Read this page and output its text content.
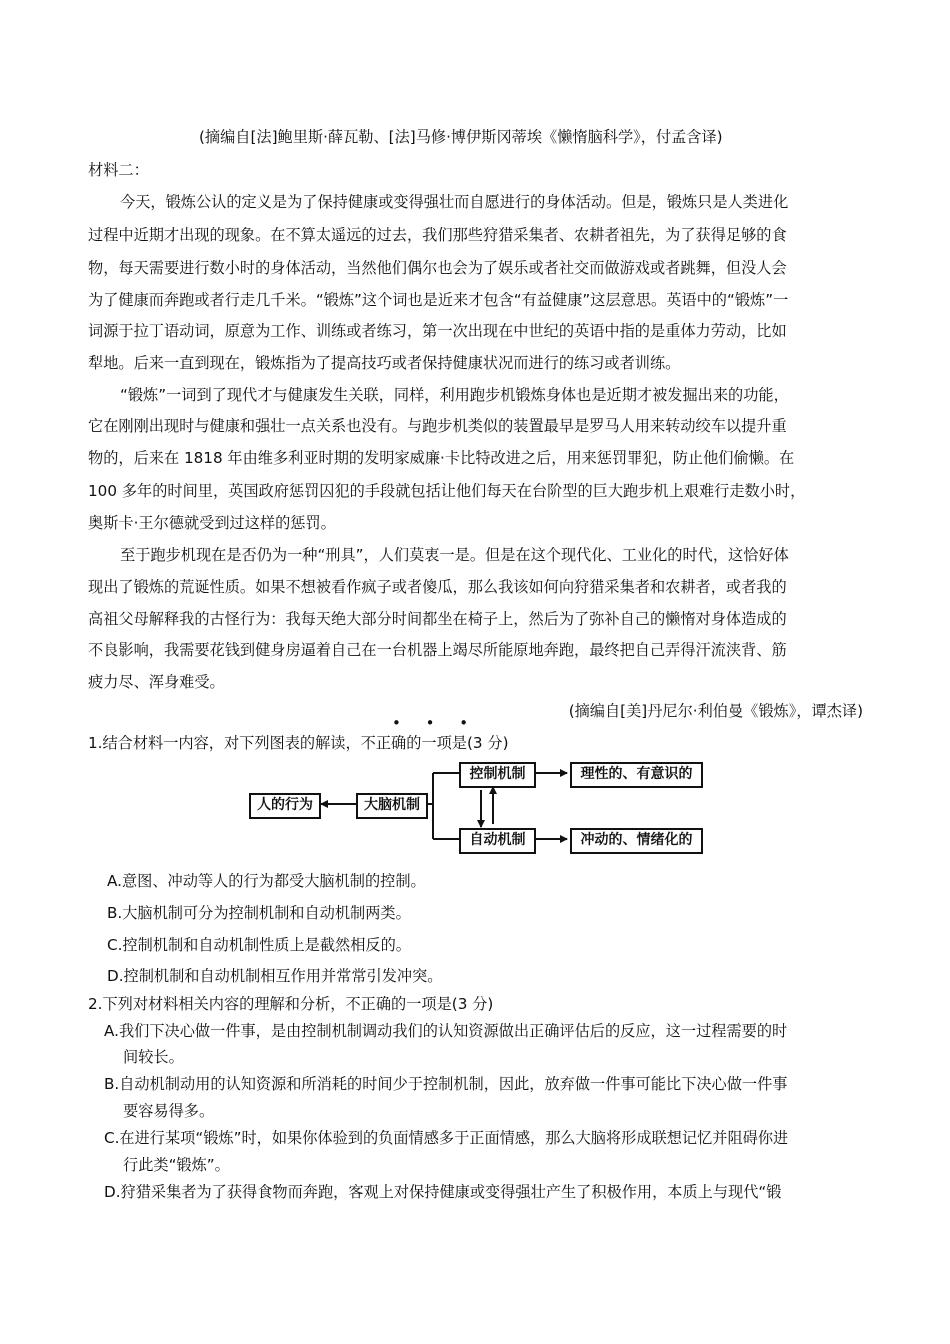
(摘编自[法]鲍里斯·薛瓦勒、[法]马修·博伊斯冈蒂埃《懒惰脑科学》，付孟含译)
材料二：
今天，锻炼公认的定义是为了保持健康或变得强壮而自愿进行的身体活动。但是，锻炼只是人类进化
过程中近期才出现的现象。在不算太遥远的过去，我们那些狩猎采集者、农耕者祖先，为了获得足够的食
物，每天需要进行数小时的身体活动，当然他们偶尔也会为了娱乐或者社交而做游戏或者跳舞，但没人会
为了健康而奔跑或者行走几千米。“锻炼”这个词也是近来才包含“有益健康”这层意思。英语中的“锻炼”一
词源于拉丁语动词，原意为工作、训练或者练习，第一次出现在中世纪的英语中指的是重体力劳动，比如
犁地。后来一直到现在，锻炼指为了提高技巧或者保持健康状况而进行的练习或者训练。
“锻炼”一词到了现代才与健康发生关联，同样，利用跑步机锻炼身体也是近期才被发掘出来的功能，
它在刚刚出现时与健康和强壮一点关系也没有。与跑步机类似的装置最早是罗马人用来转动绞车以提升重
物的，后来在 1818 年由维多利亚时期的发明家威廉·卡比特改进之后，用来惩罚罪犯，防止他们偷懒。在
100 多年的时间里，英国政府惩罚囚犯的手段就包括让他们每天在台阶型的巨大跑步机上艰难行走数小时，
奥斯卡·王尔德就受到过这样的惩罚。
至于跑步机现在是否仍为一种“刑具”，人们莫衷一是。但是在这个现代化、工业化的时代，这恰好体
现出了锻炼的荒诞性质。如果不想被看作疯子或者傻瓜，那么我该如何向狩猎采集者和农耕者，或者我的
高祖父母解释我的古怪行为：我每天绝大部分时间都坐在椅子上，然后为了弥补自己的懒惰对身体造成的
不良影响，我需要花钱到健身房逼着自己在一台机器上竭尽所能原地奔跑，最终把自己弄得汗流浃背、筋
疲力尽、浑身难受。
(摘编自[美]丹尼尔·利伯曼《锻炼》，谭杰译)
• • •
1.结合材料一内容，对下列图表的解读，不正确的一项是(3 分)
人的行为	大脑机制
控制机制
自动机制
理性的、有意识的
冲动的、情绪化的
A.意图、冲动等人的行为都受大脑机制的控制。
B.大脑机制可分为控制机制和自动机制两类。
C.控制机制和自动机制性质上是截然相反的。
D.控制机制和自动机制相互作用并常常引发冲突。
2.下列对材料相关内容的理解和分析，不正确的一项是(3 分)
A.我们下决心做一件事，是由控制机制调动我们的认知资源做出正确评估后的反应，这一过程需要的时
间较长。
B.自动机制动用的认知资源和所消耗的时间少于控制机制，因此，放弃做一件事可能比下决心做一件事
要容易得多。
C.在进行某项“锻炼”时，如果你体验到的负面情感多于正面情感，那么大脑将形成联想记忆并阻碍你进
行此类“锻炼”。
D.狩猎采集者为了获得食物而奔跑，客观上对保持健康或变得强壮产生了积极作用，本质上与现代“锻
